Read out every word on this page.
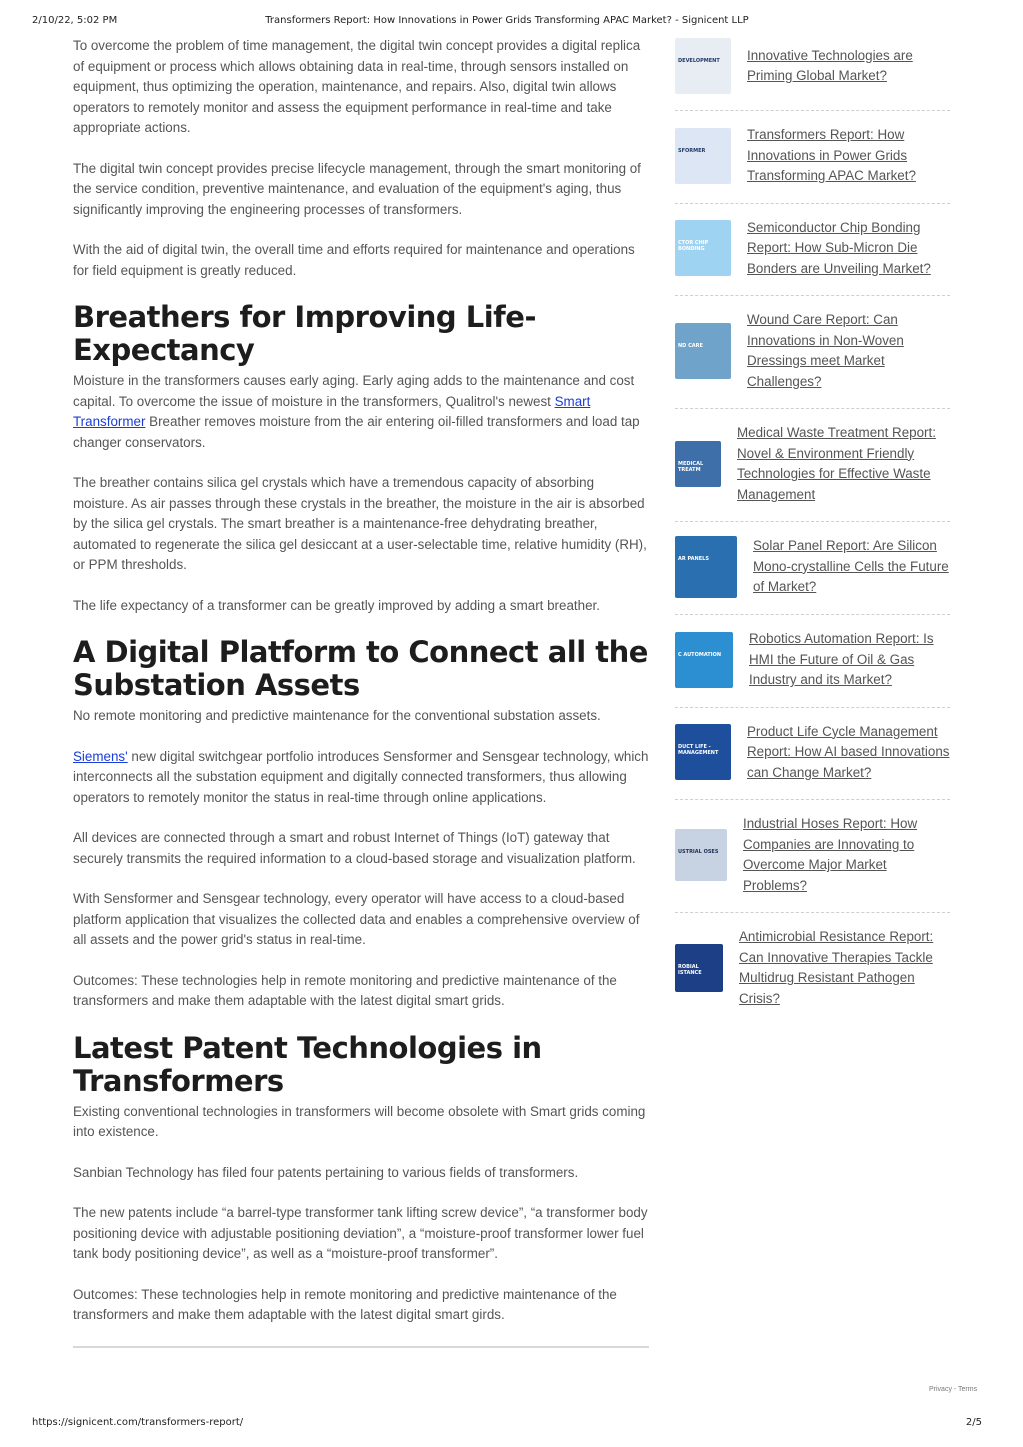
2/10/22, 5:02 PM	Transformers Report: How Innovations in Power Grids Transforming APAC Market? - Signicent LLP

To overcome the problem of time management, the digital twin concept provides a digital replica of equipment or process which allows obtaining data in real-time, through sensors installed on equipment, thus optimizing the operation, maintenance, and repairs. Also, digital twin allows operators to remotely monitor and assess the equipment performance in real-time and take appropriate actions.

The digital twin concept provides precise lifecycle management, through the smart monitoring of the service condition, preventive maintenance, and evaluation of the equipment's aging, thus significantly improving the engineering processes of transformers.

With the aid of digital twin, the overall time and efforts required for maintenance and operations for field equipment is greatly reduced.

Breathers for Improving Life-Expectancy

Moisture in the transformers causes early aging. Early aging adds to the maintenance and cost capital. To overcome the issue of moisture in the transformers, Qualitrol's newest Smart Transformer Breather removes moisture from the air entering oil-filled transformers and load tap changer conservators.

The breather contains silica gel crystals which have a tremendous capacity of absorbing moisture. As air passes through these crystals in the breather, the moisture in the air is absorbed by the silica gel crystals. The smart breather is a maintenance-free dehydrating breather, automated to regenerate the silica gel desiccant at a user-selectable time, relative humidity (RH), or PPM thresholds.

The life expectancy of a transformer can be greatly improved by adding a smart breather.

A Digital Platform to Connect all the Substation Assets

No remote monitoring and predictive maintenance for the conventional substation assets.

Siemens' new digital switchgear portfolio introduces Sensformer and Sensgear technology, which interconnects all the substation equipment and digitally connected transformers, thus allowing operators to remotely monitor the status in real-time through online applications.

All devices are connected through a smart and robust Internet of Things (IoT) gateway that securely transmits the required information to a cloud-based storage and visualization platform.

With Sensformer and Sensgear technology, every operator will have access to a cloud-based platform application that visualizes the collected data and enables a comprehensive overview of all assets and the power grid's status in real-time.

Outcomes: These technologies help in remote monitoring and predictive maintenance of the transformers and make them adaptable with the latest digital smart grids.

Latest Patent Technologies in Transformers

Existing conventional technologies in transformers will become obsolete with Smart grids coming into existence.

Sanbian Technology has filed four patents pertaining to various fields of transformers.

The new patents include “a barrel-type transformer tank lifting screw device”, “a transformer body positioning device with adjustable positioning deviation”, a “moisture-proof transformer lower fuel tank body positioning device”, as well as a “moisture-proof transformer”.

Outcomes: These technologies help in remote monitoring and predictive maintenance of the transformers and make them adaptable with the latest digital smart girds.

DEVELOPMENT Innovative Technologies are Priming Global Market?
SFORMER
Transformers Report: How Innovations in Power Grids Transforming APAC Market?
CTOR CHIP BONDING
Semiconductor Chip Bonding Report: How Sub-Micron Die Bonders are Unveiling Market?
ND CARE
Wound Care Report: Can Innovations in Non-Woven Dressings meet Market Challenges?
MEDICAL TREATM
Medical Waste Treatment Report: Novel & Environment Friendly Technologies for Effective Waste Management
AR PANELS
Solar Panel Report: Are Silicon Mono-crystalline Cells the Future of Market?
C AUTOMATION
Robotics Automation Report: Is HMI the Future of Oil & Gas Industry and its Market?
DUCT LIFE - MANAGEMENT
Product Life Cycle Management Report: How AI based Innovations can Change Market?
USTRIAL OSES
Industrial Hoses Report: How Companies are Innovating to Overcome Major Market Problems?
ROBIAL ISTANCE
Antimicrobial Resistance Report: Can Innovative Therapies Tackle Multidrug Resistant Pathogen Crisis?
Privacy - Terms
https://signicent.com/transformers-report/	2/5
